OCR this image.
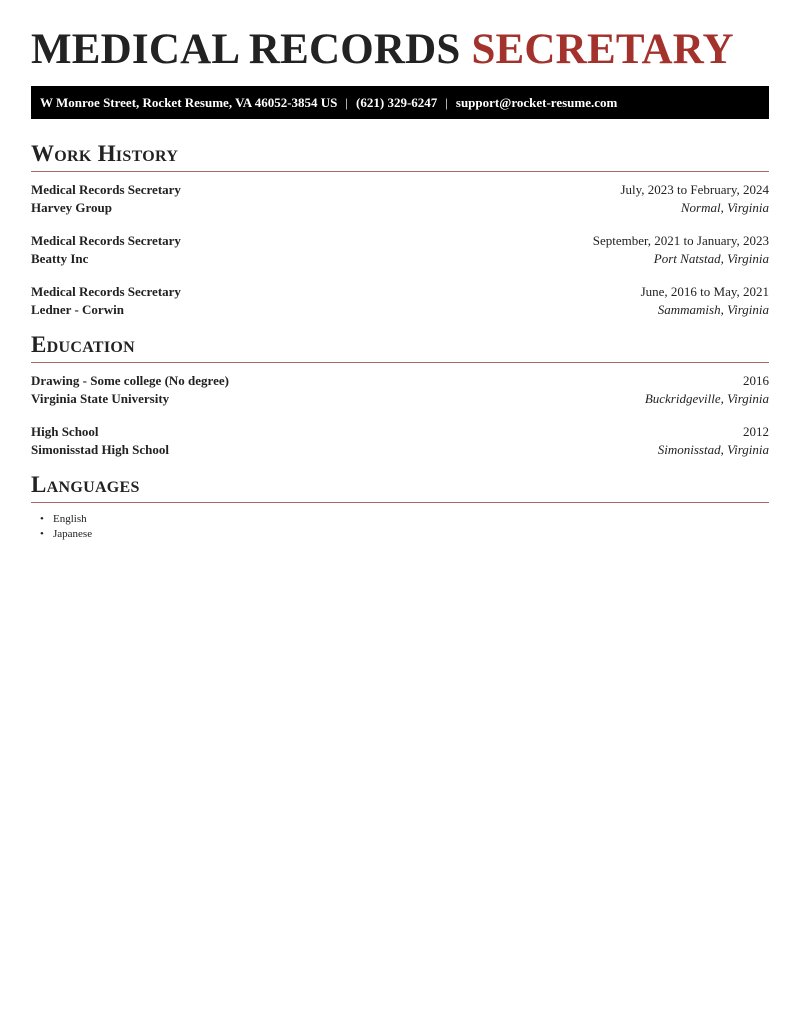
MEDICAL RECORDS SECRETARY
W Monroe Street, Rocket Resume, VA 46052-3854 US | (621) 329-6247 | support@rocket-resume.com
Work History
Medical Records Secretary
Harvey Group
July, 2023 to February, 2024
Normal, Virginia
Medical Records Secretary
Beatty Inc
September, 2021 to January, 2023
Port Natstad, Virginia
Medical Records Secretary
Ledner - Corwin
June, 2016 to May, 2021
Sammamish, Virginia
Education
Drawing - Some college (No degree)
Virginia State University
2016
Buckridgeville, Virginia
High School
Simonisstad High School
2012
Simonisstad, Virginia
Languages
• English
• Japanese
